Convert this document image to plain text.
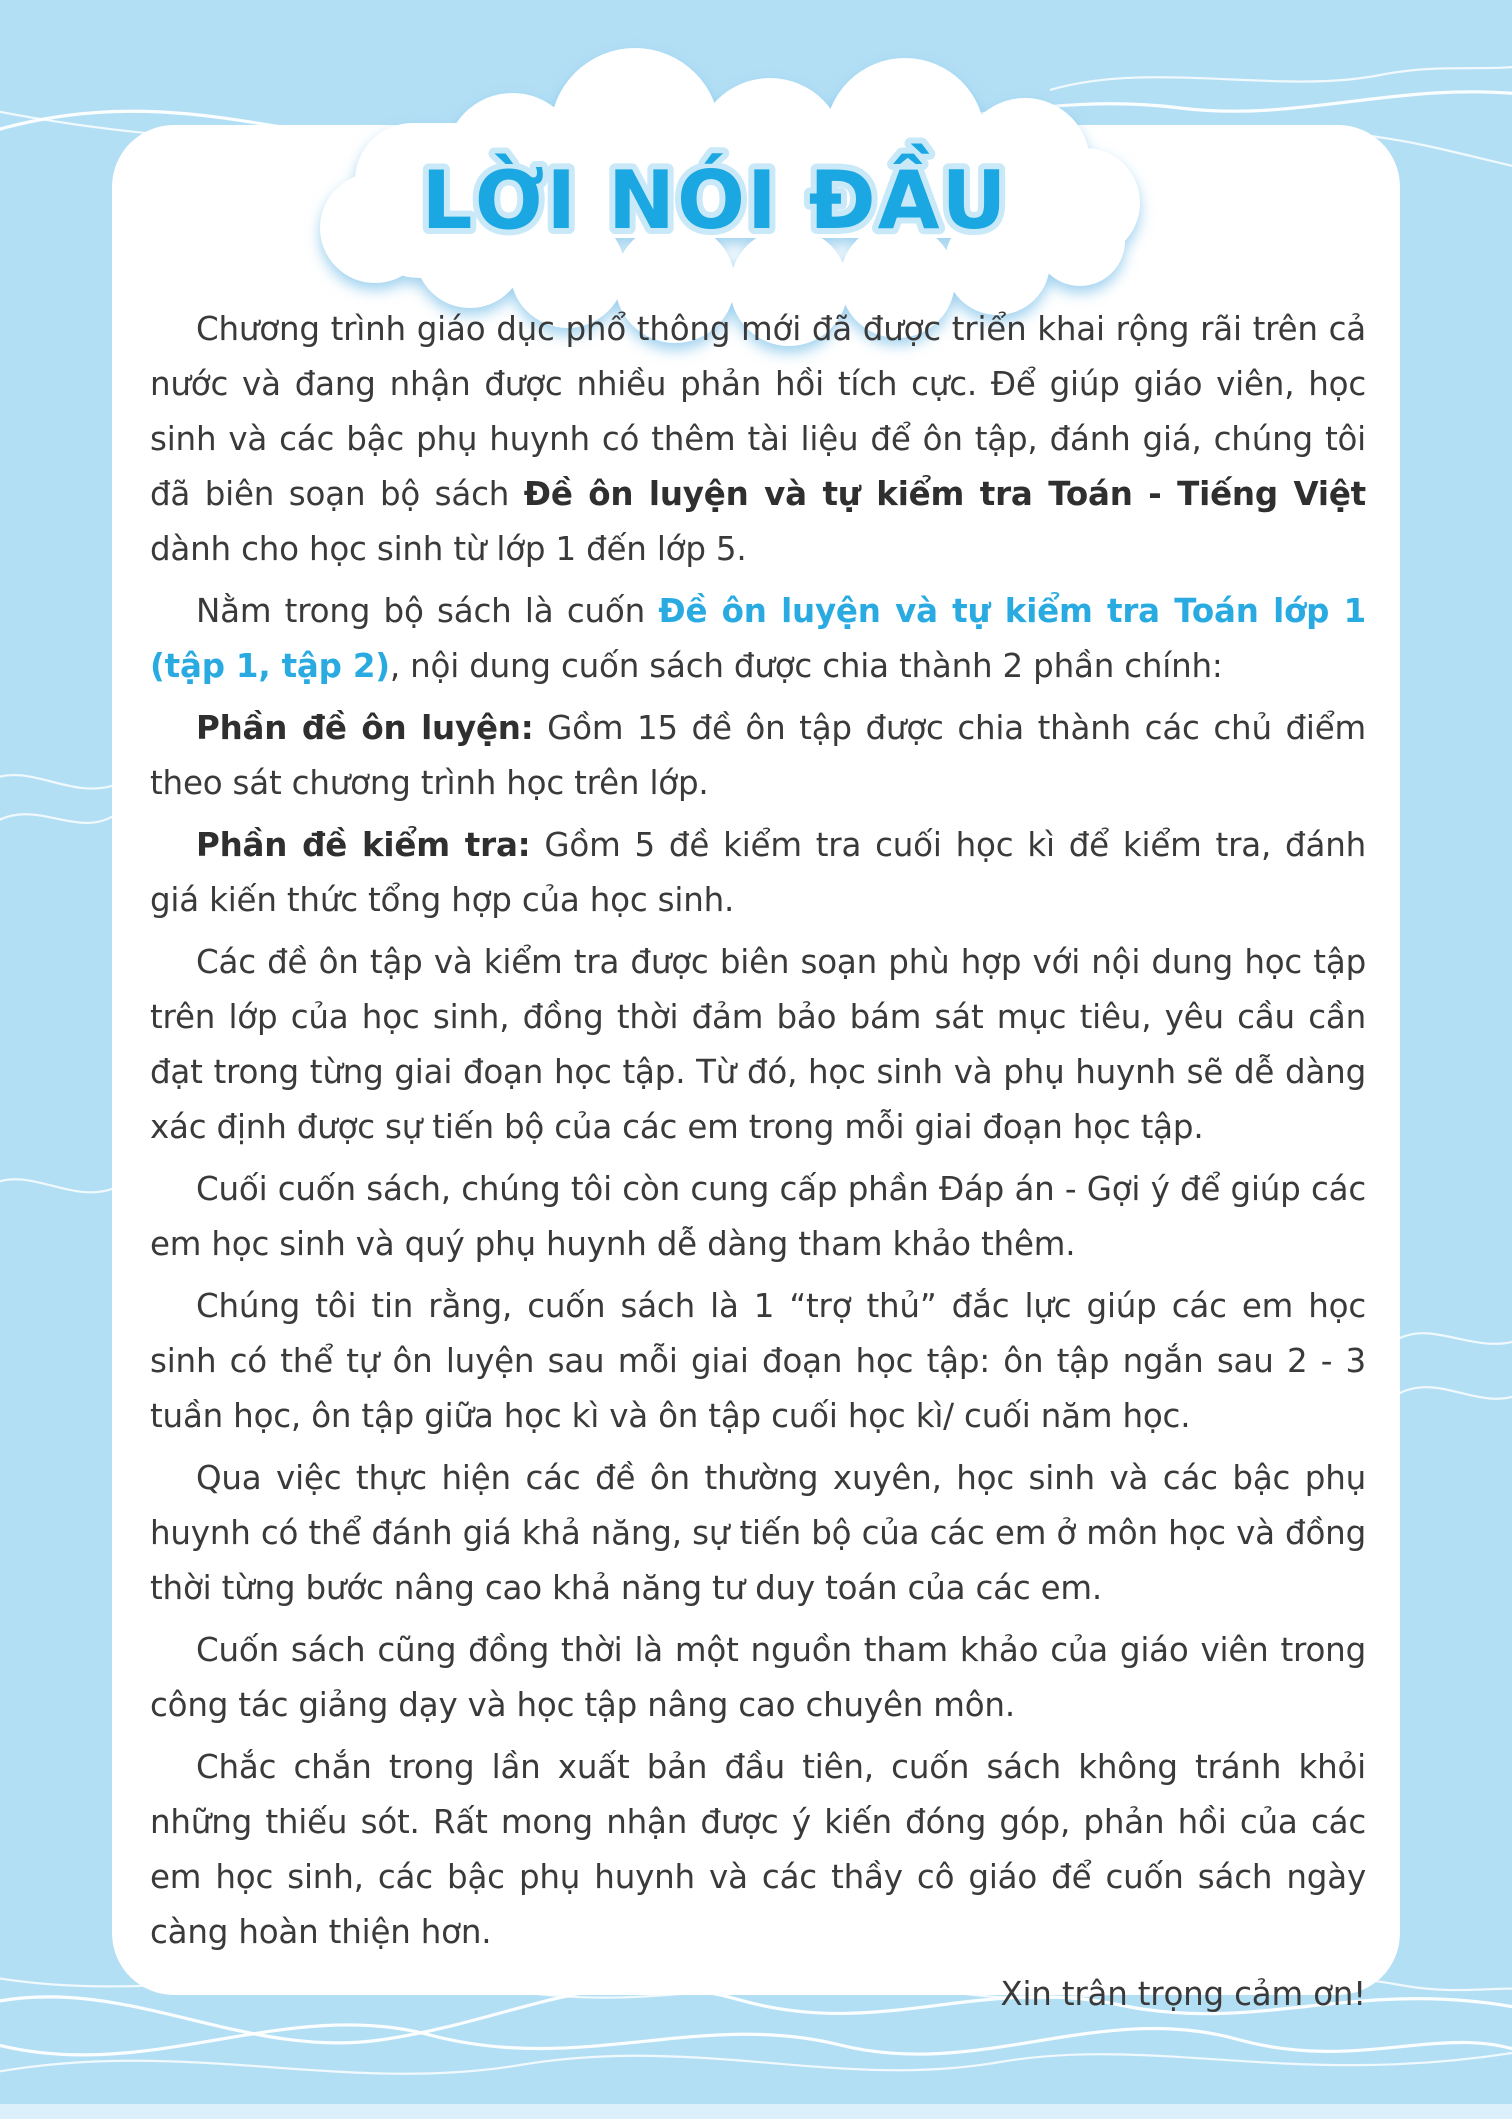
LỜI NÓI ĐẦU

Chương trình giáo dục phổ thông mới đã được triển khai rộng rãi trên cả nước và đang nhận được nhiều phản hồi tích cực. Để giúp giáo viên, học sinh và các bậc phụ huynh có thêm tài liệu để ôn tập, đánh giá, chúng tôi đã biên soạn bộ sách Đề ôn luyện và tự kiểm tra Toán - Tiếng Việt dành cho học sinh từ lớp 1 đến lớp 5.

Nằm trong bộ sách là cuốn Đề ôn luyện và tự kiểm tra Toán lớp 1 (tập 1, tập 2), nội dung cuốn sách được chia thành 2 phần chính:

Phần đề ôn luyện: Gồm 15 đề ôn tập được chia thành các chủ điểm theo sát chương trình học trên lớp.

Phần đề kiểm tra: Gồm 5 đề kiểm tra cuối học kì để kiểm tra, đánh giá kiến thức tổng hợp của học sinh.

Các đề ôn tập và kiểm tra được biên soạn phù hợp với nội dung học tập trên lớp của học sinh, đồng thời đảm bảo bám sát mục tiêu, yêu cầu cần đạt trong từng giai đoạn học tập. Từ đó, học sinh và phụ huynh sẽ dễ dàng xác định được sự tiến bộ của các em trong mỗi giai đoạn học tập.

Cuối cuốn sách, chúng tôi còn cung cấp phần Đáp án - Gợi ý để giúp các em học sinh và quý phụ huynh dễ dàng tham khảo thêm.

Chúng tôi tin rằng, cuốn sách là 1 “trợ thủ” đắc lực giúp các em học sinh có thể tự ôn luyện sau mỗi giai đoạn học tập: ôn tập ngắn sau 2 - 3 tuần học, ôn tập giữa học kì và ôn tập cuối học kì/ cuối năm học.

Qua việc thực hiện các đề ôn thường xuyên, học sinh và các bậc phụ huynh có thể đánh giá khả năng, sự tiến bộ của các em ở môn học và đồng thời từng bước nâng cao khả năng tư duy toán của các em.

Cuốn sách cũng đồng thời là một nguồn tham khảo của giáo viên trong công tác giảng dạy và học tập nâng cao chuyên môn.

Chắc chắn trong lần xuất bản đầu tiên, cuốn sách không tránh khỏi những thiếu sót. Rất mong nhận được ý kiến đóng góp, phản hồi của các em học sinh, các bậc phụ huynh và các thầy cô giáo để cuốn sách ngày càng hoàn thiện hơn.

Xin trân trọng cảm ơn!
